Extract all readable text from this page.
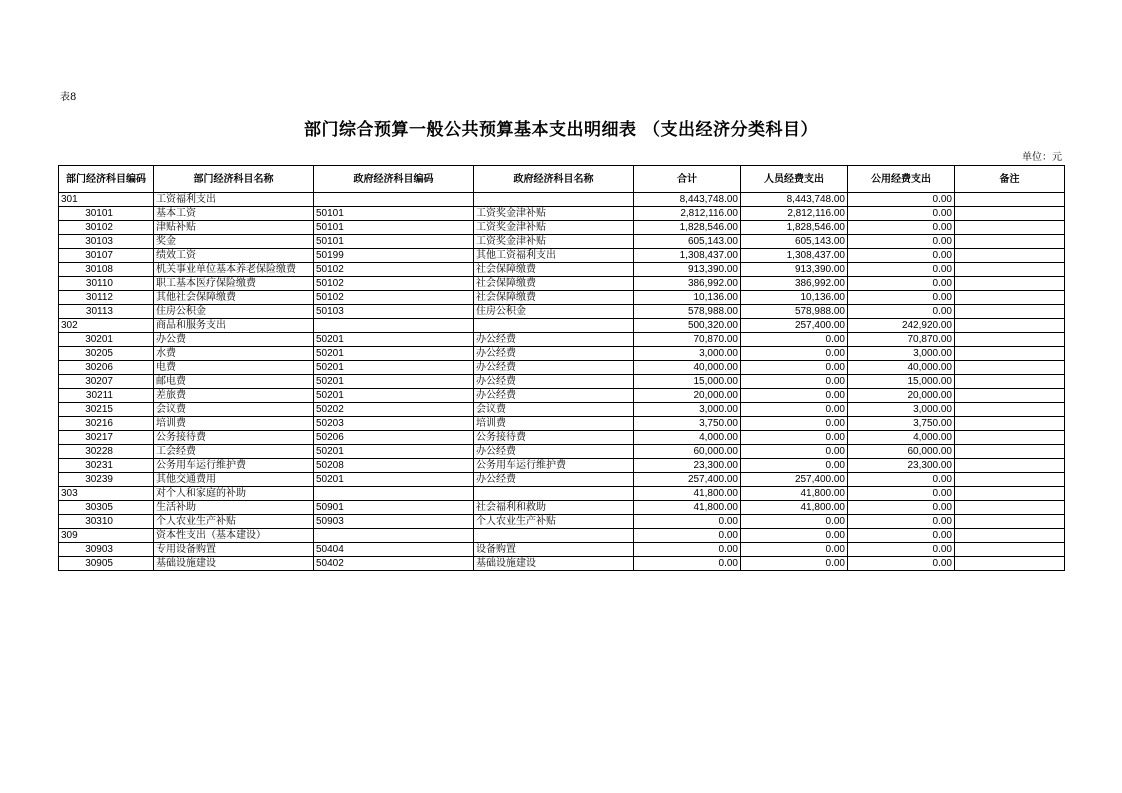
表8
部门综合预算一般公共预算基本支出明细表 （支出经济分类科目）
单位：元
部门经济科目编码	部门经济科目名称	政府经济科目编码	政府经济科目名称	合计	人员经费支出	公用经费支出	备注
301	工资福利支出			8,443,748.00	8,443,748.00	0.00	
30101	基本工资	50101	工资奖金津补贴	2,812,116.00	2,812,116.00	0.00	
30102	津贴补贴	50101	工资奖金津补贴	1,828,546.00	1,828,546.00	0.00	
30103	奖金	50101	工资奖金津补贴	605,143.00	605,143.00	0.00	
30107	绩效工资	50199	其他工资福利支出	1,308,437.00	1,308,437.00	0.00	
30108	机关事业单位基本养老保险缴费	50102	社会保障缴费	913,390.00	913,390.00	0.00	
30110	职工基本医疗保险缴费	50102	社会保障缴费	386,992.00	386,992.00	0.00	
30112	其他社会保障缴费	50102	社会保障缴费	10,136.00	10,136.00	0.00	
30113	住房公积金	50103	住房公积金	578,988.00	578,988.00	0.00	
302	商品和服务支出			500,320.00	257,400.00	242,920.00	
30201	办公费	50201	办公经费	70,870.00	0.00	70,870.00	
30205	水费	50201	办公经费	3,000.00	0.00	3,000.00	
30206	电费	50201	办公经费	40,000.00	0.00	40,000.00	
30207	邮电费	50201	办公经费	15,000.00	0.00	15,000.00	
30211	差旅费	50201	办公经费	20,000.00	0.00	20,000.00	
30215	会议费	50202	会议费	3,000.00	0.00	3,000.00	
30216	培训费	50203	培训费	3,750.00	0.00	3,750.00	
30217	公务接待费	50206	公务接待费	4,000.00	0.00	4,000.00	
30228	工会经费	50201	办公经费	60,000.00	0.00	60,000.00	
30231	公务用车运行维护费	50208	公务用车运行维护费	23,300.00	0.00	23,300.00	
30239	其他交通费用	50201	办公经费	257,400.00	257,400.00	0.00	
303	对个人和家庭的补助			41,800.00	41,800.00	0.00	
30305	生活补助	50901	社会福利和救助	41,800.00	41,800.00	0.00	
30310	个人农业生产补贴	50903	个人农业生产补贴	0.00	0.00	0.00	
309	资本性支出（基本建设）			0.00	0.00	0.00	
30903	专用设备购置	50404	设备购置	0.00	0.00	0.00	
30905	基础设施建设	50402	基础设施建设	0.00	0.00	0.00	
